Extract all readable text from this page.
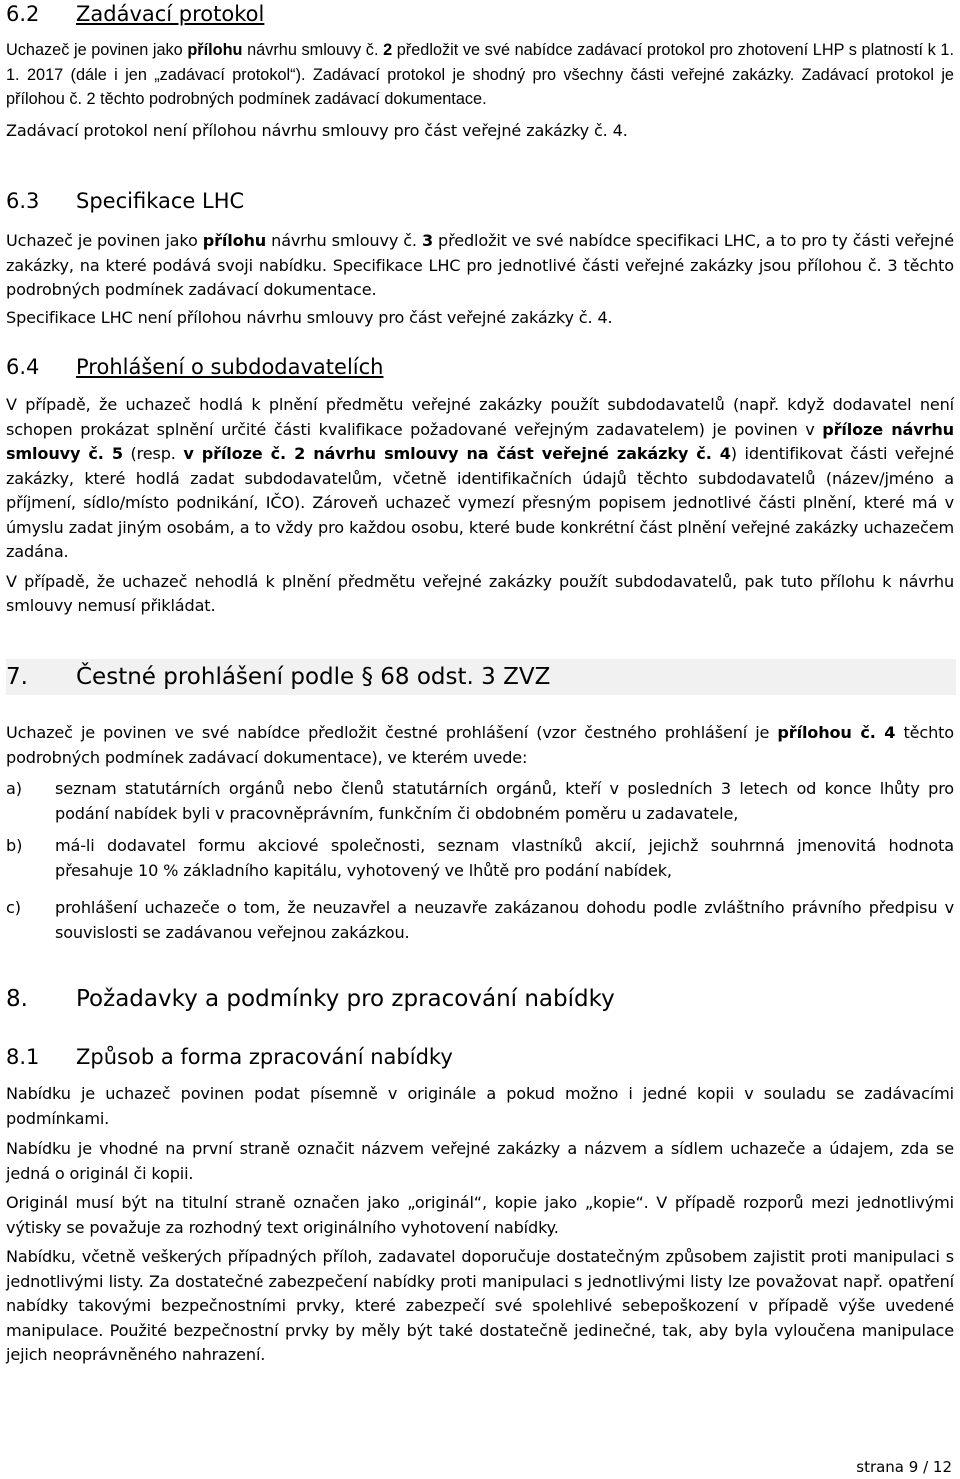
6.2 Zadávací protokol

Uchazeč je povinen jako přílohu návrhu smlouvy č. 2 předložit ve své nabídce zadávací protokol pro zhotovení LHP s platností k 1. 1. 2017 (dále i jen „zadávací protokol“). Zadávací protokol je shodný pro všechny části veřejné zakázky. Zadávací protokol je přílohou č. 2 těchto podrobných podmínek zadávací dokumentace.

Zadávací protokol není přílohou návrhu smlouvy pro část veřejné zakázky č. 4.

6.3 Specifikace LHC

Uchazeč je povinen jako přílohu návrhu smlouvy č. 3 předložit ve své nabídce specifikaci LHC, a to pro ty části veřejné zakázky, na které podává svoji nabídku. Specifikace LHC pro jednotlivé části veřejné zakázky jsou přílohou č. 3 těchto podrobných podmínek zadávací dokumentace.

Specifikace LHC není přílohou návrhu smlouvy pro část veřejné zakázky č. 4.

6.4 Prohlášení o subdodavatelích

V případě, že uchazeč hodlá k plnění předmětu veřejné zakázky použít subdodavatelů (např. když dodavatel není schopen prokázat splnění určité části kvalifikace požadované veřejným zadavatelem) je povinen v příloze návrhu smlouvy č. 5 (resp. v příloze č. 2 návrhu smlouvy na část veřejné zakázky č. 4) identifikovat části veřejné zakázky, které hodlá zadat subdodavatelům, včetně identifikačních údajů těchto subdodavatelů (název/jméno a příjmení, sídlo/místo podnikání, IČO). Zároveň uchazeč vymezí přesným popisem jednotlivé části plnění, které má v úmyslu zadat jiným osobám, a to vždy pro každou osobu, které bude konkrétní část plnění veřejné zakázky uchazečem zadána.

V případě, že uchazeč nehodlá k plnění předmětu veřejné zakázky použít subdodavatelů, pak tuto přílohu k návrhu smlouvy nemusí přikládat.

7. Čestné prohlášení podle § 68 odst. 3 ZVZ

Uchazeč je povinen ve své nabídce předložit čestné prohlášení (vzor čestného prohlášení je přílohou č. 4 těchto podrobných podmínek zadávací dokumentace), ve kterém uvede:

a)	seznam statutárních orgánů nebo členů statutárních orgánů, kteří v posledních 3 letech od konce lhůty pro podání nabídek byli v pracovněprávním, funkčním či obdobném poměru u zadavatele,
b)	má-li dodavatel formu akciové společnosti, seznam vlastníků akcií, jejichž souhrnná jmenovitá hodnota přesahuje 10 % základního kapitálu, vyhotovený ve lhůtě pro podání nabídek,
c)	prohlášení uchazeče o tom, že neuzavřel a neuzavře zakázanou dohodu podle zvláštního právního předpisu v souvislosti se zadávanou veřejnou zakázkou.
8. Požadavky a podmínky pro zpracování nabídky
8.1 Způsob a forma zpracování nabídky

Nabídku je uchazeč povinen podat písemně v originále a pokud možno i jedné kopii v souladu se zadávacími podmínkami.

Nabídku je vhodné na první straně označit názvem veřejné zakázky a názvem a sídlem uchazeče a údajem, zda se jedná o originál či kopii.

Originál musí být na titulní straně označen jako „originál“, kopie jako „kopie“. V případě rozporů mezi jednotlivými výtisky se považuje za rozhodný text originálního vyhotovení nabídky.

Nabídku, včetně veškerých případných příloh, zadavatel doporučuje dostatečným způsobem zajistit proti manipulaci s jednotlivými listy. Za dostatečné zabezpečení nabídky proti manipulaci s jednotlivými listy lze považovat např. opatření nabídky takovými bezpečnostními prvky, které zabezpečí své spolehlivé sebepoškození v případě výše uvedené manipulace. Použité bezpečnostní prvky by měly být také dostatečně jedinečné, tak, aby byla vyloučena manipulace jejich neoprávněného nahrazení.

strana 9 / 12
